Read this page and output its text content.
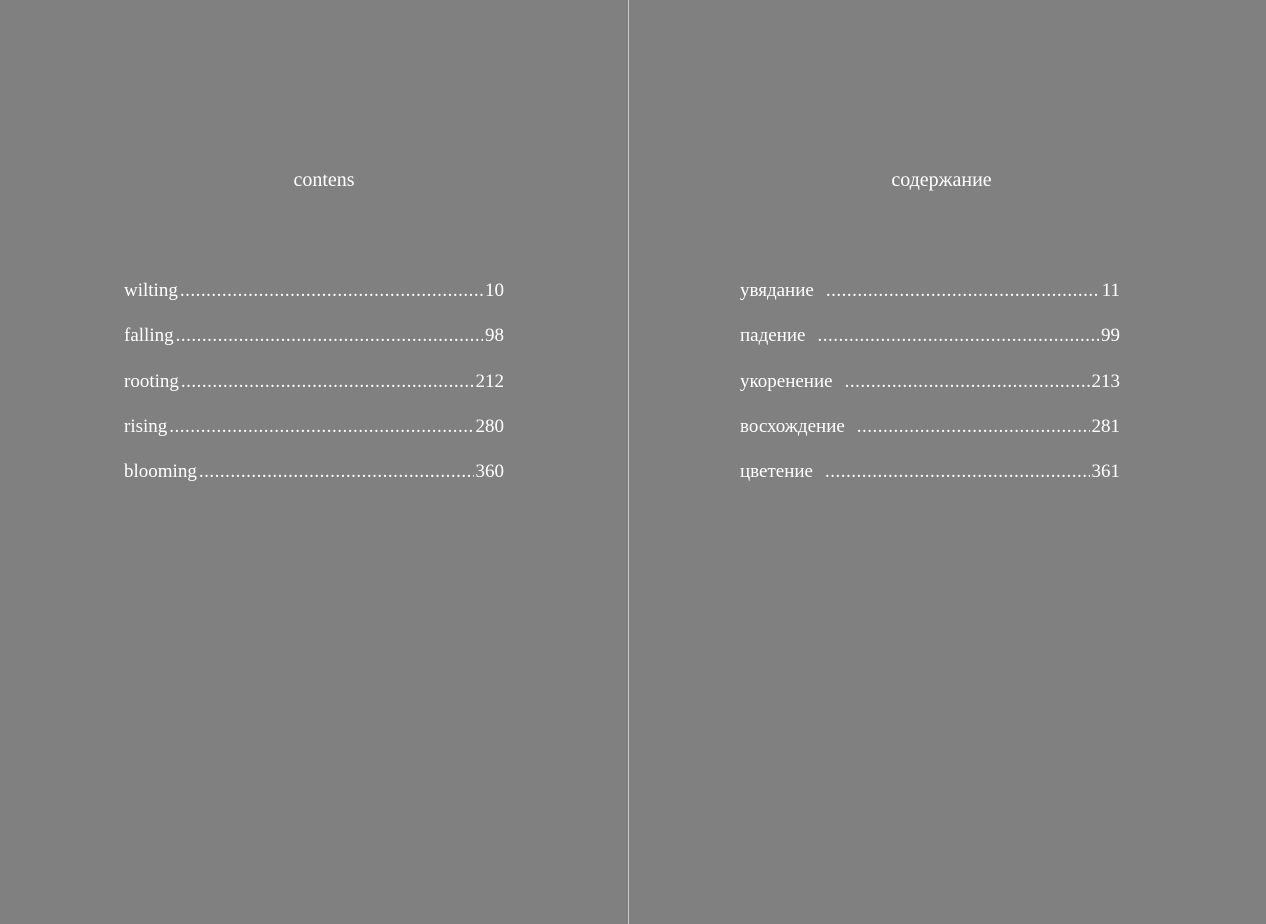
contens
wilting .....	10
falling .....	98
rooting .....	212
rising .....	280
blooming .....	360
содержание
увядание .....	11
падение .....	99
укоренение .....	213
восхождение .....	281
цветение .....	361
